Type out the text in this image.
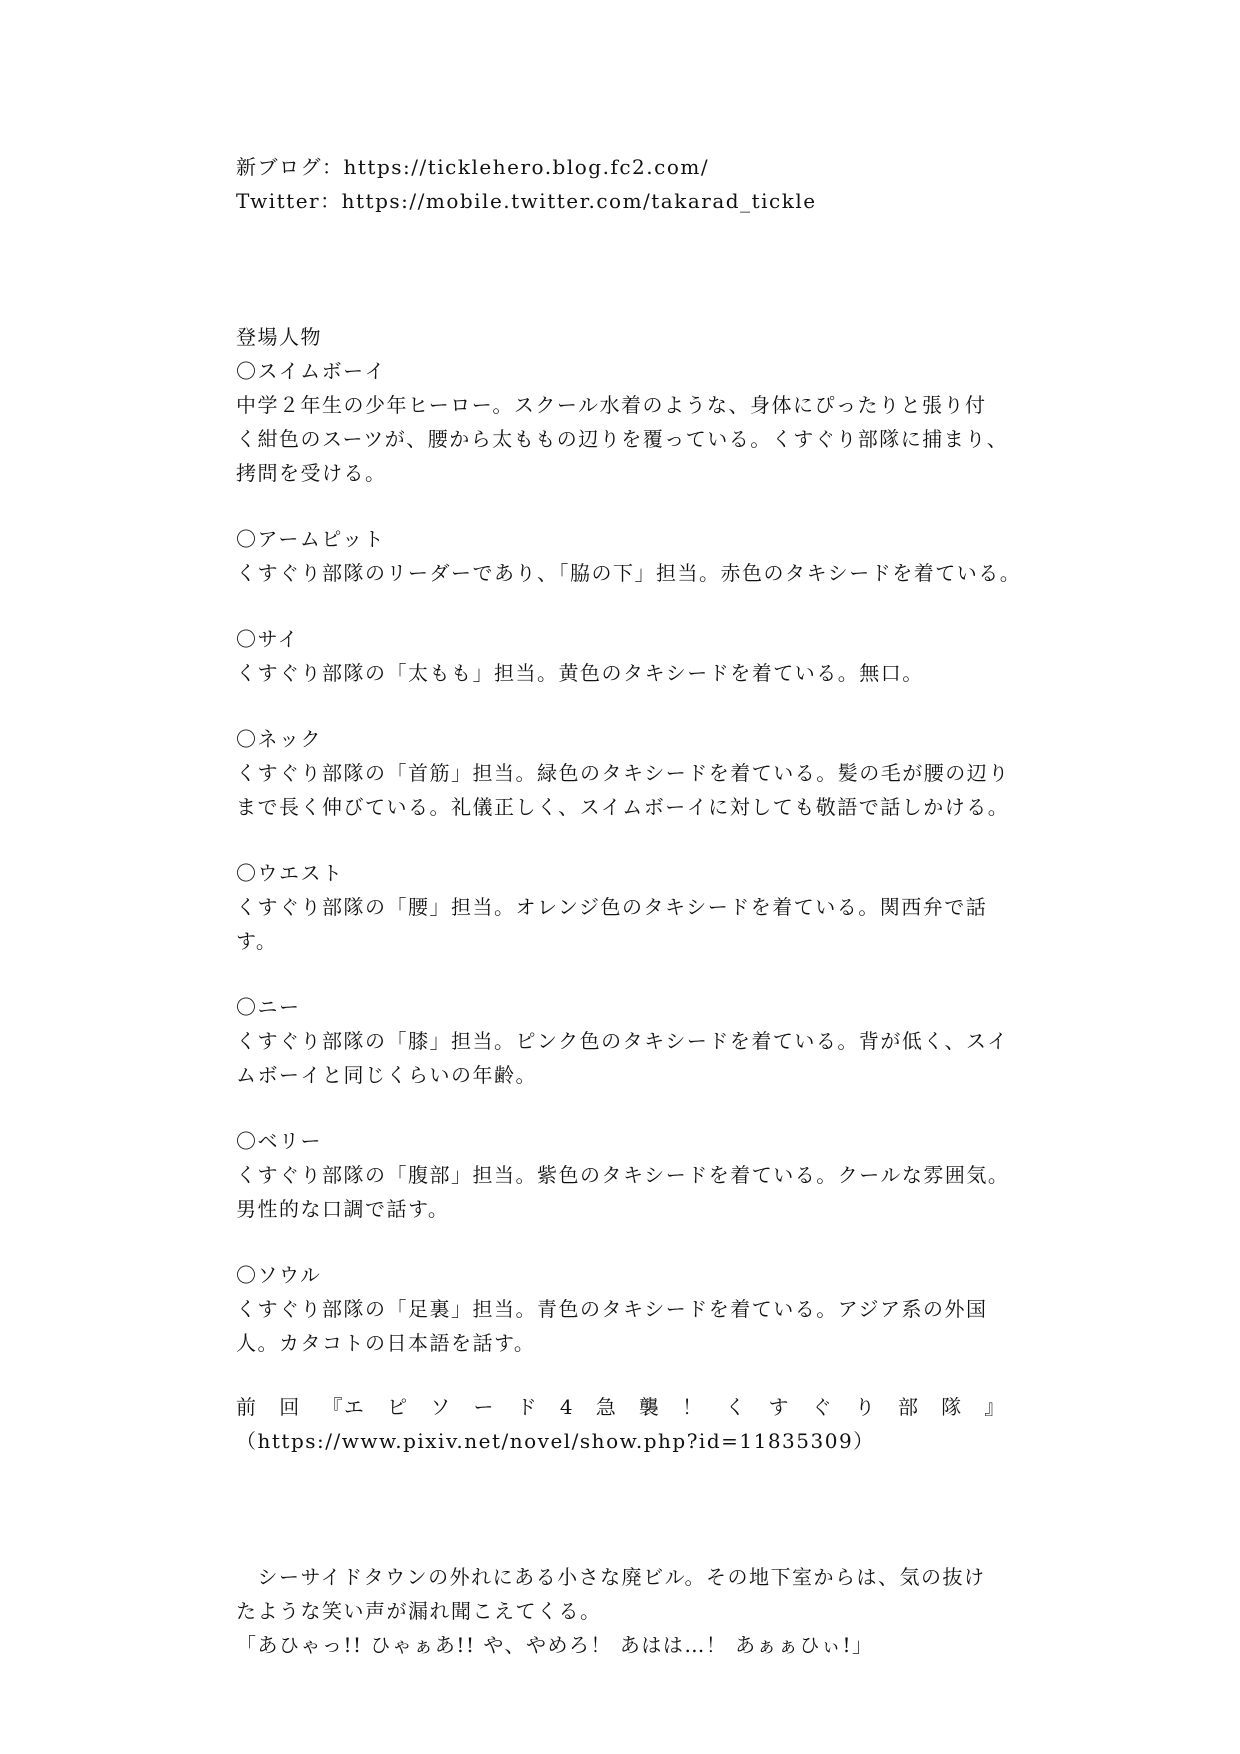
新ブログ：https://ticklehero.blog.fc2.com/
Twitter：https://mobile.twitter.com/takarad_tickle
登場人物
〇スイムボーイ
中学２年生の少年ヒーロー。スクール水着のような、身体にぴったりと張り付
く紺色のスーツが、腰から太ももの辺りを覆っている。くすぐり部隊に捕まり、
拷問を受ける。
〇アームピット
くすぐり部隊のリーダーであり、「脇の下」担当。赤色のタキシードを着ている。
〇サイ
くすぐり部隊の「太もも」担当。黄色のタキシードを着ている。無口。
〇ネック
くすぐり部隊の「首筋」担当。緑色のタキシードを着ている。髪の毛が腰の辺り
まで長く伸びている。礼儀正しく、スイムボーイに対しても敬語で話しかける。
〇ウエスト
くすぐり部隊の「腰」担当。オレンジ色のタキシードを着ている。関西弁で話
す。
〇ニー
くすぐり部隊の「膝」担当。ピンク色のタキシードを着ている。背が低く、スイ
ムボーイと同じくらいの年齢。
〇ベリー
くすぐり部隊の「腹部」担当。紫色のタキシードを着ている。クールな雰囲気。
男性的な口調で話す。
〇ソウル
くすぐり部隊の「足裏」担当。青色のタキシードを着ている。アジア系の外国
人。カタコトの日本語を話す。
前 回 『エ ピ ソ ー ド 4 急 襲 ！ く す ぐ り 部 隊 』
（https://www.pixiv.net/novel/show.php?id=11835309）
　シーサイドタウンの外れにある小さな廃ビル。その地下室からは、気の抜け
たような笑い声が漏れ聞こえてくる。
「あひゃっ!! ひゃぁあ!! や、やめろ！ あはは…！ あぁぁひぃ!」
